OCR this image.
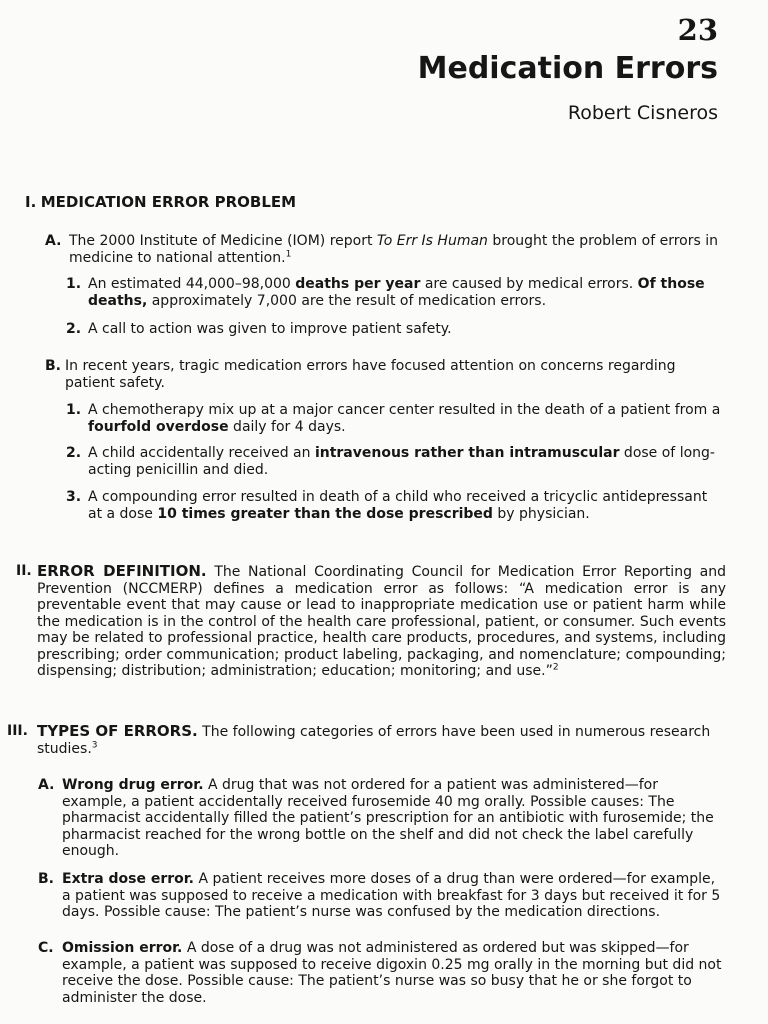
23
Medication Errors
Robert Cisneros
I. MEDICATION ERROR PROBLEM
A. The 2000 Institute of Medicine (IOM) report To Err Is Human brought the problem of errors in medicine to national attention.$^1$
1. An estimated 44,000–98,000 deaths per year are caused by medical errors. Of those deaths, approximately 7,000 are the result of medication errors.
2. A call to action was given to improve patient safety.
B. In recent years, tragic medication errors have focused attention on concerns regarding patient safety.
1. A chemotherapy mix up at a major cancer center resulted in the death of a patient from a fourfold overdose daily for 4 days.
2. A child accidentally received an intravenous rather than intramuscular dose of long-acting penicillin and died.
3. A compounding error resulted in death of a child who received a tricyclic antidepressant at a dose 10 times greater than the dose prescribed by physician.
II. ERROR DEFINITION. The National Coordinating Council for Medication Error Reporting and Prevention (NCCMERP) defines a medication error as follows: “A medication error is any preventable event that may cause or lead to inappropriate medication use or patient harm while the medication is in the control of the health care professional, patient, or consumer. Such events may be related to professional practice, health care products, procedures, and systems, including prescribing; order communication; product labeling, packaging, and nomenclature; compounding; dispensing; distribution; administration; education; monitoring; and use.”$^2$
III. TYPES OF ERRORS. The following categories of errors have been used in numerous research studies.$^3$
A. Wrong drug error. A drug that was not ordered for a patient was administered—for example, a patient accidentally received furosemide 40 mg orally. Possible causes: The pharmacist accidentally filled the patient’s prescription for an antibiotic with furosemide; the pharmacist reached for the wrong bottle on the shelf and did not check the label carefully enough.
B. Extra dose error. A patient receives more doses of a drug than were ordered—for example, a patient was supposed to receive a medication with breakfast for 3 days but received it for 5 days. Possible cause: The patient’s nurse was confused by the medication directions.
C. Omission error. A dose of a drug was not administered as ordered but was skipped—for example, a patient was supposed to receive digoxin 0.25 mg orally in the morning but did not receive the dose. Possible cause: The patient’s nurse was so busy that he or she forgot to administer the dose.
